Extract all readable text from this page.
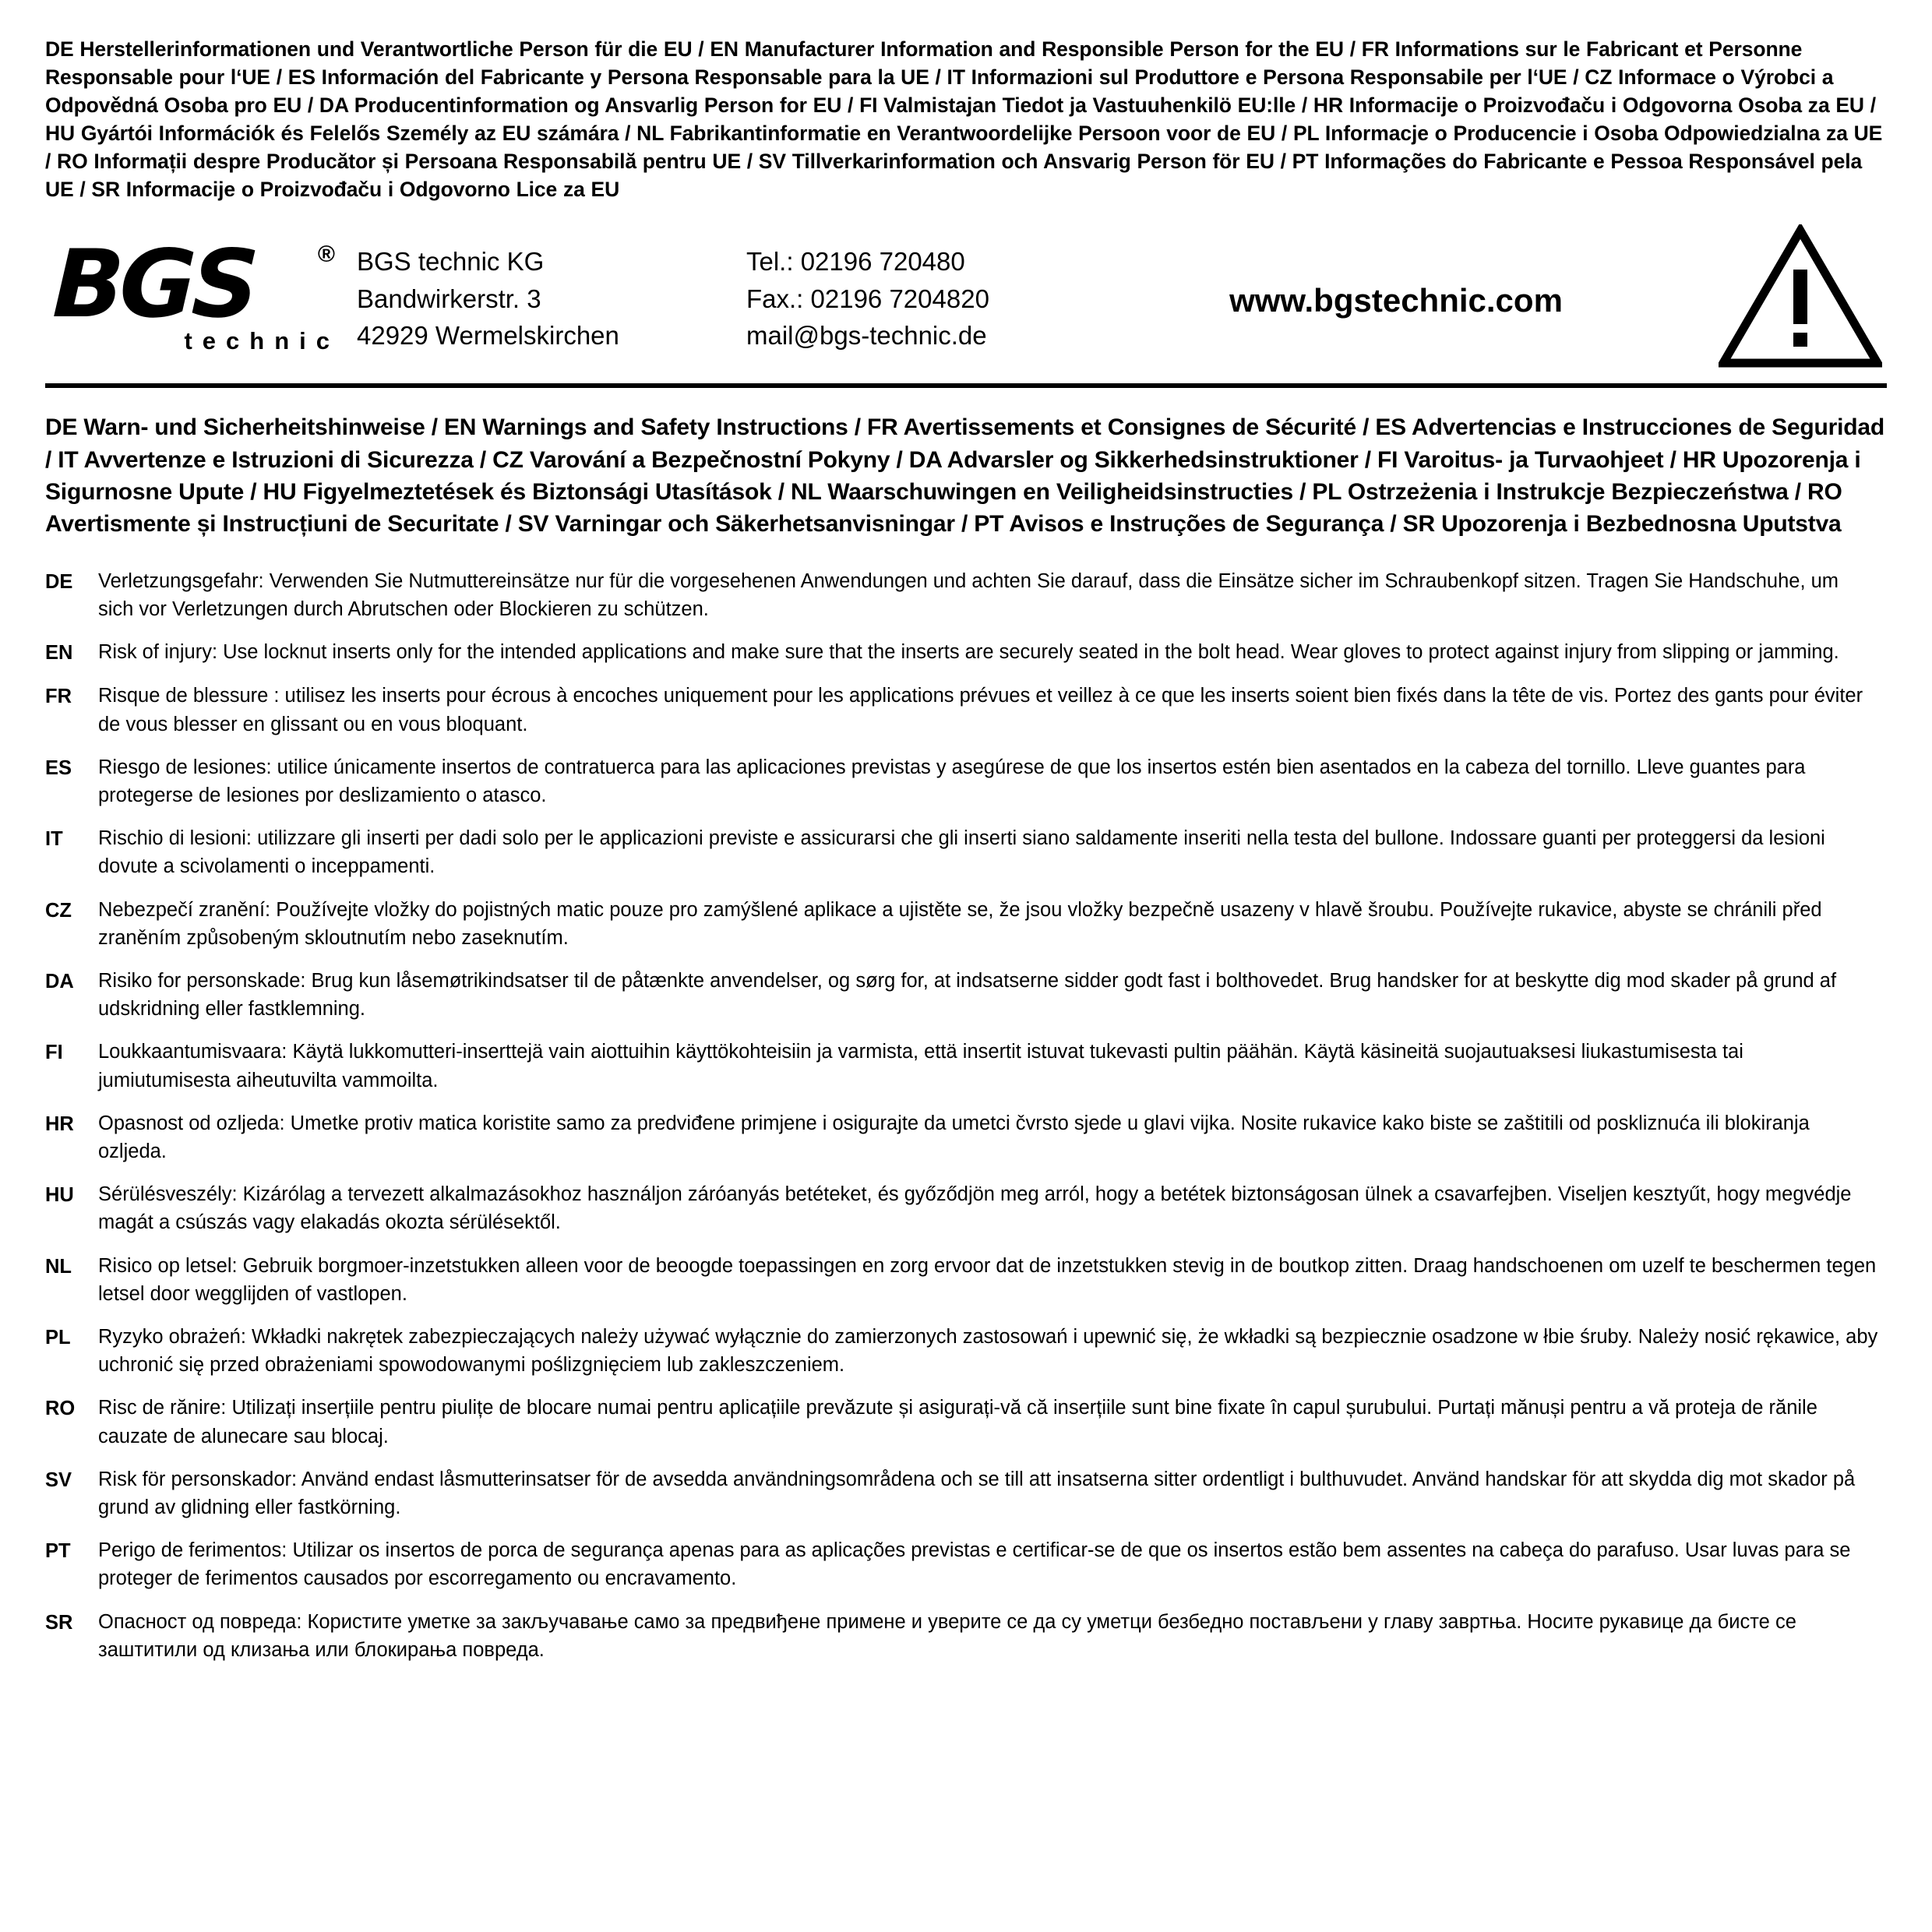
DE Herstellerinformationen und Verantwortliche Person für die EU / EN Manufacturer Information and Responsible Person for the EU / FR Informations sur le Fabricant et Personne Responsable pour l‘UE / ES Información del Fabricante y Persona Responsable para la UE / IT Informazioni sul Produttore e Persona Responsabile per l‘UE / CZ Informace o Výrobci a Odpovědná Osoba pro EU / DA Producentinformation og Ansvarlig Person for EU / FI Valmistajan Tiedot ja Vastuuhenkilö EU:lle / HR Informacije o Proizvođaču i Odgovorna Osoba za EU / HU Gyártói Információk és Felelős Személy az EU számára / NL Fabrikantinformatie en Verantwoordelijke Persoon voor de EU / PL Informacje o Producencie i Osoba Odpowiedzialna za UE / RO Informații despre Producător și Persoana Responsabilă pentru UE / SV Tillverkarinformation och Ansvarig Person för EU / PT Informações do Fabricante e Pessoa Responsável pela UE / SR Informacije o Proizvođaču i Odgovorno Lice za EU
BGS	®
technic
BGS technic KG
Bandwirkerstr. 3
42929 Wermelskirchen
Tel.: 02196 720480
Fax.: 02196 7204820
mail@bgs-technic.de
www.bgstechnic.com
DE Warn- und Sicherheitshinweise / EN Warnings and Safety Instructions / FR Avertissements et Consignes de Sécurité / ES Advertencias e Instrucciones de Seguridad / IT Avvertenze e Istruzioni di Sicurezza / CZ Varování a Bezpečnostní Pokyny / DA Advarsler og Sikkerhedsinstruktioner / FI Varoitus- ja Turvaohjeet / HR Upozorenja i Sigurnosne Upute / HU Figyelmeztetések és Biztonsági Utasítások / NL Waarschuwingen en Veiligheidsinstructies / PL Ostrzeżenia i Instrukcje Bezpieczeństwa / RO Avertismente și Instrucțiuni de Securitate / SV Varningar och Säkerhetsanvisningar / PT Avisos e Instruções de Segurança / SR Upozorenja i Bezbednosna Uputstva
DE	Verletzungsgefahr: Verwenden Sie Nutmuttereinsätze nur für die vorgesehenen Anwendungen und achten Sie darauf, dass die Einsätze sicher im Schraubenkopf sitzen. Tragen Sie Handschuhe, um sich vor Verletzungen durch Abrutschen oder Blockieren zu schützen.
EN	Risk of injury: Use locknut inserts only for the intended applications and make sure that the inserts are securely seated in the bolt head. Wear gloves to protect against injury from slipping or jamming.
FR	Risque de blessure : utilisez les inserts pour écrous à encoches uniquement pour les applications prévues et veillez à ce que les inserts soient bien fixés dans la tête de vis. Portez des gants pour éviter de vous blesser en glissant ou en vous bloquant.
ES	Riesgo de lesiones: utilice únicamente insertos de contratuerca para las aplicaciones previstas y asegúrese de que los insertos estén bien asentados en la cabeza del tornillo. Lleve guantes para protegerse de lesiones por deslizamiento o atasco.
IT	Rischio di lesioni: utilizzare gli inserti per dadi solo per le applicazioni previste e assicurarsi che gli inserti siano saldamente inseriti nella testa del bullone. Indossare guanti per proteggersi da lesioni dovute a scivolamenti o inceppamenti.
CZ	Nebezpečí zranění: Používejte vložky do pojistných matic pouze pro zamýšlené aplikace a ujistěte se, že jsou vložky bezpečně usazeny v hlavě šroubu. Používejte rukavice, abyste se chránili před zraněním způsobeným skloutnutím nebo zaseknutím.
DA	Risiko for personskade: Brug kun låsemøtrikindsatser til de påtænkte anvendelser, og sørg for, at indsatserne sidder godt fast i bolthovedet. Brug handsker for at beskytte dig mod skader på grund af udskridning eller fastklemning.
FI	Loukkaantumisvaara: Käytä lukkomutteri-inserttejä vain aiottuihin käyttökohteisiin ja varmista, että insertit istuvat tukevasti pultin päähän. Käytä käsineitä suojautuaksesi liukastumisesta tai jumiutumisesta aiheutuvilta vammoilta.
HR	Opasnost od ozljeda: Umetke protiv matica koristite samo za predviđene primjene i osigurajte da umetci čvrsto sjede u glavi vijka. Nosite rukavice kako biste se zaštitili od posklizn‍uća ili blokiranja ozljeda.
HU	Sérülésveszély: Kizárólag a tervezett alkalmazásokhoz használjon záróanyás betéteket, és győződjön meg arról, hogy a betétek biztonságosan ülnek a csavarfejben. Viseljen kesztyűt, hogy megvédje magát a csúszás vagy elakadás okozta sérülésektől.
NL	Risico op letsel: Gebruik borgmoer-inzetstukken alleen voor de beoogde toepassingen en zorg ervoor dat de inzetstukken stevig in de boutkop zitten. Draag handschoenen om uzelf te beschermen tegen letsel door wegglijden of vastlopen.
PL	Ryzyko obrażeń: Wkładki nakrętek zabezpieczających należy używać wyłącznie do zamierzonych zastosowań i upewnić się, że wkładki są bezpiecznie osadzone w łbie śruby. Należy nosić rękawice, aby uchronić się przed obrażeniami spowodowanymi poślizgnięciem lub zakleszczeniem.
RO	Risc de rănire: Utilizați inserțiile pentru piulițe de blocare numai pentru aplicațiile prevăzute și asigurați-vă că inserțiile sunt bine fixate în capul șurubului. Purtați mănuși pentru a vă proteja de rănile cauzate de alunecare sau blocaj.
SV	Risk för personskador: Använd endast låsmutterinsatser för de avsedda användningsområdena och se till att insatserna sitter ordentligt i bulthuvudet. Använd handskar för att skydda dig mot skador på grund av glidning eller fastkörning.
PT	Perigo de ferimentos: Utilizar os insertos de porca de segurança apenas para as aplicações previstas e certificar-se de que os insertos estão bem assentes na cabeça do parafuso. Usar luvas para se proteger de ferimentos causados por escorregamento ou encravamento.
SR	Опасност од повреда: Користите уметке за закључавање само за предвиђене примене и уверите се да су уметци безбедно постављени у главу завртња. Носите рукавице да бисте се заштитили од клизања или блокирања повреда.
